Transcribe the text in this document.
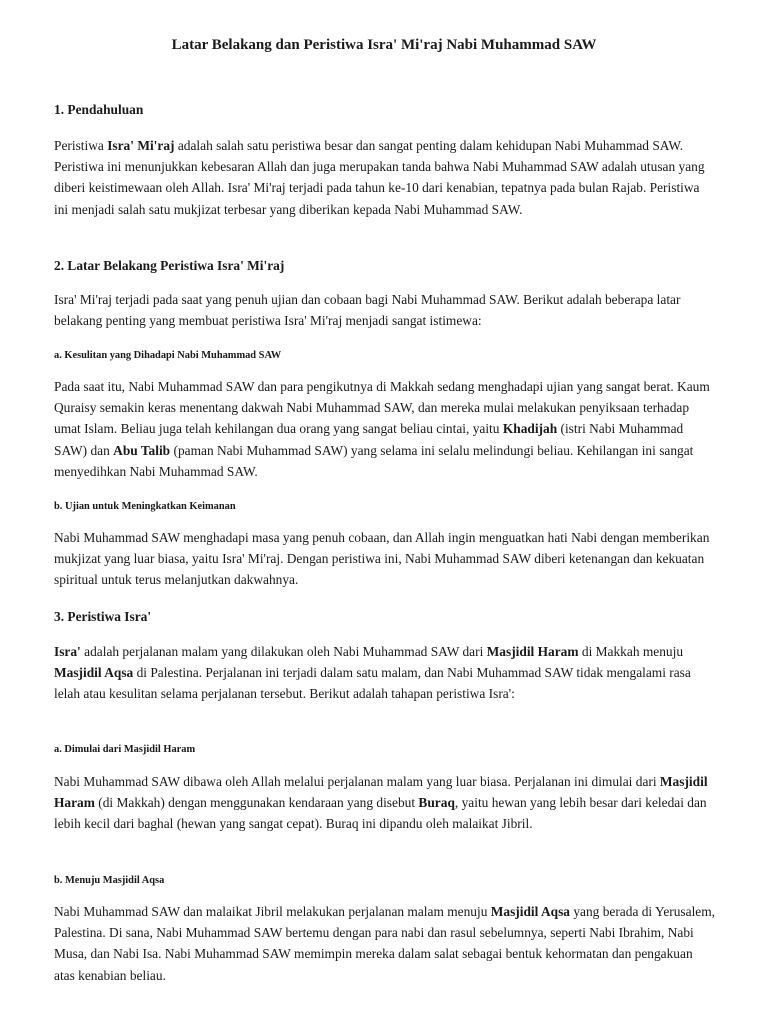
Latar Belakang dan Peristiwa Isra' Mi'raj Nabi Muhammad SAW
1. Pendahuluan

Peristiwa Isra' Mi'raj adalah salah satu peristiwa besar dan sangat penting dalam kehidupan Nabi Muhammad SAW. Peristiwa ini menunjukkan kebesaran Allah dan juga merupakan tanda bahwa Nabi Muhammad SAW adalah utusan yang diberi keistimewaan oleh Allah. Isra' Mi'raj terjadi pada tahun ke-10 dari kenabian, tepatnya pada bulan Rajab. Peristiwa ini menjadi salah satu mukjizat terbesar yang diberikan kepada Nabi Muhammad SAW.

2. Latar Belakang Peristiwa Isra' Mi'raj

Isra' Mi'raj terjadi pada saat yang penuh ujian dan cobaan bagi Nabi Muhammad SAW. Berikut adalah beberapa latar belakang penting yang membuat peristiwa Isra' Mi'raj menjadi sangat istimewa:

a. Kesulitan yang Dihadapi Nabi Muhammad SAW

Pada saat itu, Nabi Muhammad SAW dan para pengikutnya di Makkah sedang menghadapi ujian yang sangat berat. Kaum Quraisy semakin keras menentang dakwah Nabi Muhammad SAW, dan mereka mulai melakukan penyiksaan terhadap umat Islam. Beliau juga telah kehilangan dua orang yang sangat beliau cintai, yaitu Khadijah (istri Nabi Muhammad SAW) dan Abu Talib (paman Nabi Muhammad SAW) yang selama ini selalu melindungi beliau. Kehilangan ini sangat menyedihkan Nabi Muhammad SAW.

b. Ujian untuk Meningkatkan Keimanan

Nabi Muhammad SAW menghadapi masa yang penuh cobaan, dan Allah ingin menguatkan hati Nabi dengan memberikan mukjizat yang luar biasa, yaitu Isra' Mi'raj. Dengan peristiwa ini, Nabi Muhammad SAW diberi ketenangan dan kekuatan spiritual untuk terus melanjutkan dakwahnya.

3. Peristiwa Isra'

Isra' adalah perjalanan malam yang dilakukan oleh Nabi Muhammad SAW dari Masjidil Haram di Makkah menuju Masjidil Aqsa di Palestina. Perjalanan ini terjadi dalam satu malam, dan Nabi Muhammad SAW tidak mengalami rasa lelah atau kesulitan selama perjalanan tersebut. Berikut adalah tahapan peristiwa Isra':

a. Dimulai dari Masjidil Haram

Nabi Muhammad SAW dibawa oleh Allah melalui perjalanan malam yang luar biasa. Perjalanan ini dimulai dari Masjidil Haram (di Makkah) dengan menggunakan kendaraan yang disebut Buraq, yaitu hewan yang lebih besar dari keledai dan lebih kecil dari baghal (hewan yang sangat cepat). Buraq ini dipandu oleh malaikat Jibril.

b. Menuju Masjidil Aqsa

Nabi Muhammad SAW dan malaikat Jibril melakukan perjalanan malam menuju Masjidil Aqsa yang berada di Yerusalem, Palestina. Di sana, Nabi Muhammad SAW bertemu dengan para nabi dan rasul sebelumnya, seperti Nabi Ibrahim, Nabi Musa, dan Nabi Isa. Nabi Muhammad SAW memimpin mereka dalam salat sebagai bentuk kehormatan dan pengakuan atas kenabian beliau.
